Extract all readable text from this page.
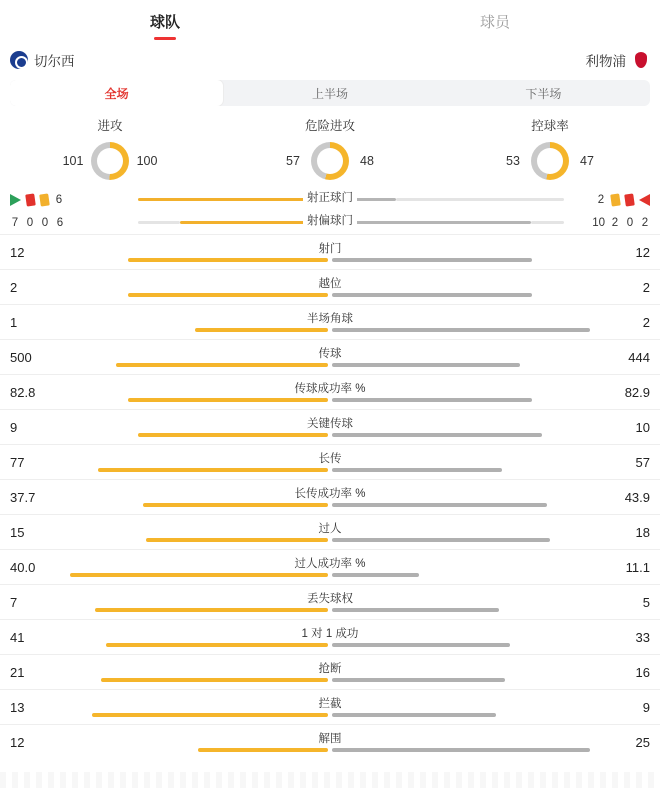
球队	球员
切尔西	利物浦
全场	上半场	下半场
进攻
101	100
危险进攻
57	48
控球率
53	47
6	射正球门	2
7 0 0 6	射偏球门	10 2 0 2
12	射门	12
2	越位	2
1	半场角球	2
500	传球	444
82.8	传球成功率 %	82.9
9	关键传球	10
77	长传	57
37.7	长传成功率 %	43.9
15	过人	18
40.0	过人成功率 %	11.1
7	丢失球权	5
41	1 对 1 成功	33
21	抢断	16
13	拦截	9
12	解围	25
